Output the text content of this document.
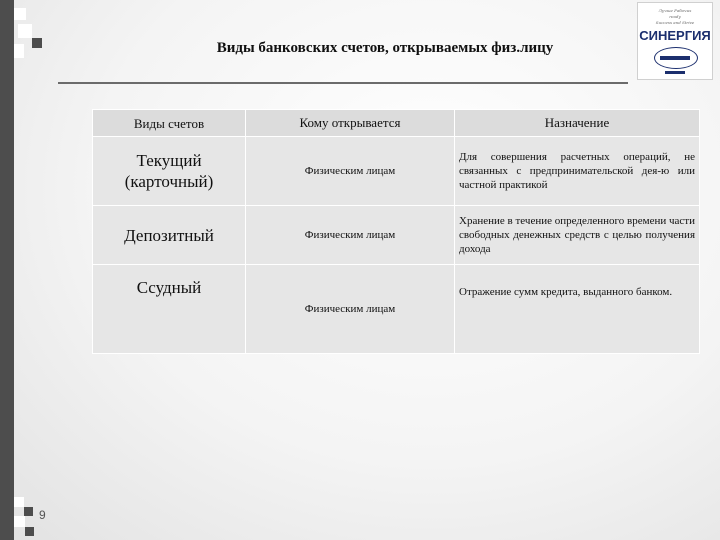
Виды банковских счетов, открываемых физ.лицу
Лучше Рабочих
ready
Success and Strive
СИНЕРГИЯ
Виды счетов	Кому открывается	Назначение
Текущий (карточный)	Физическим лицам	Для совершения расчетных операций, не связанных с предпринимательской дея-ю или частной практикой
Депозитный	Физическим лицам	Хранение в течение определенного времени части свободных денежных средств с целью получения дохода
Ссудный	Физическим лицам	Отражение сумм кредита, выданного банком.
9
